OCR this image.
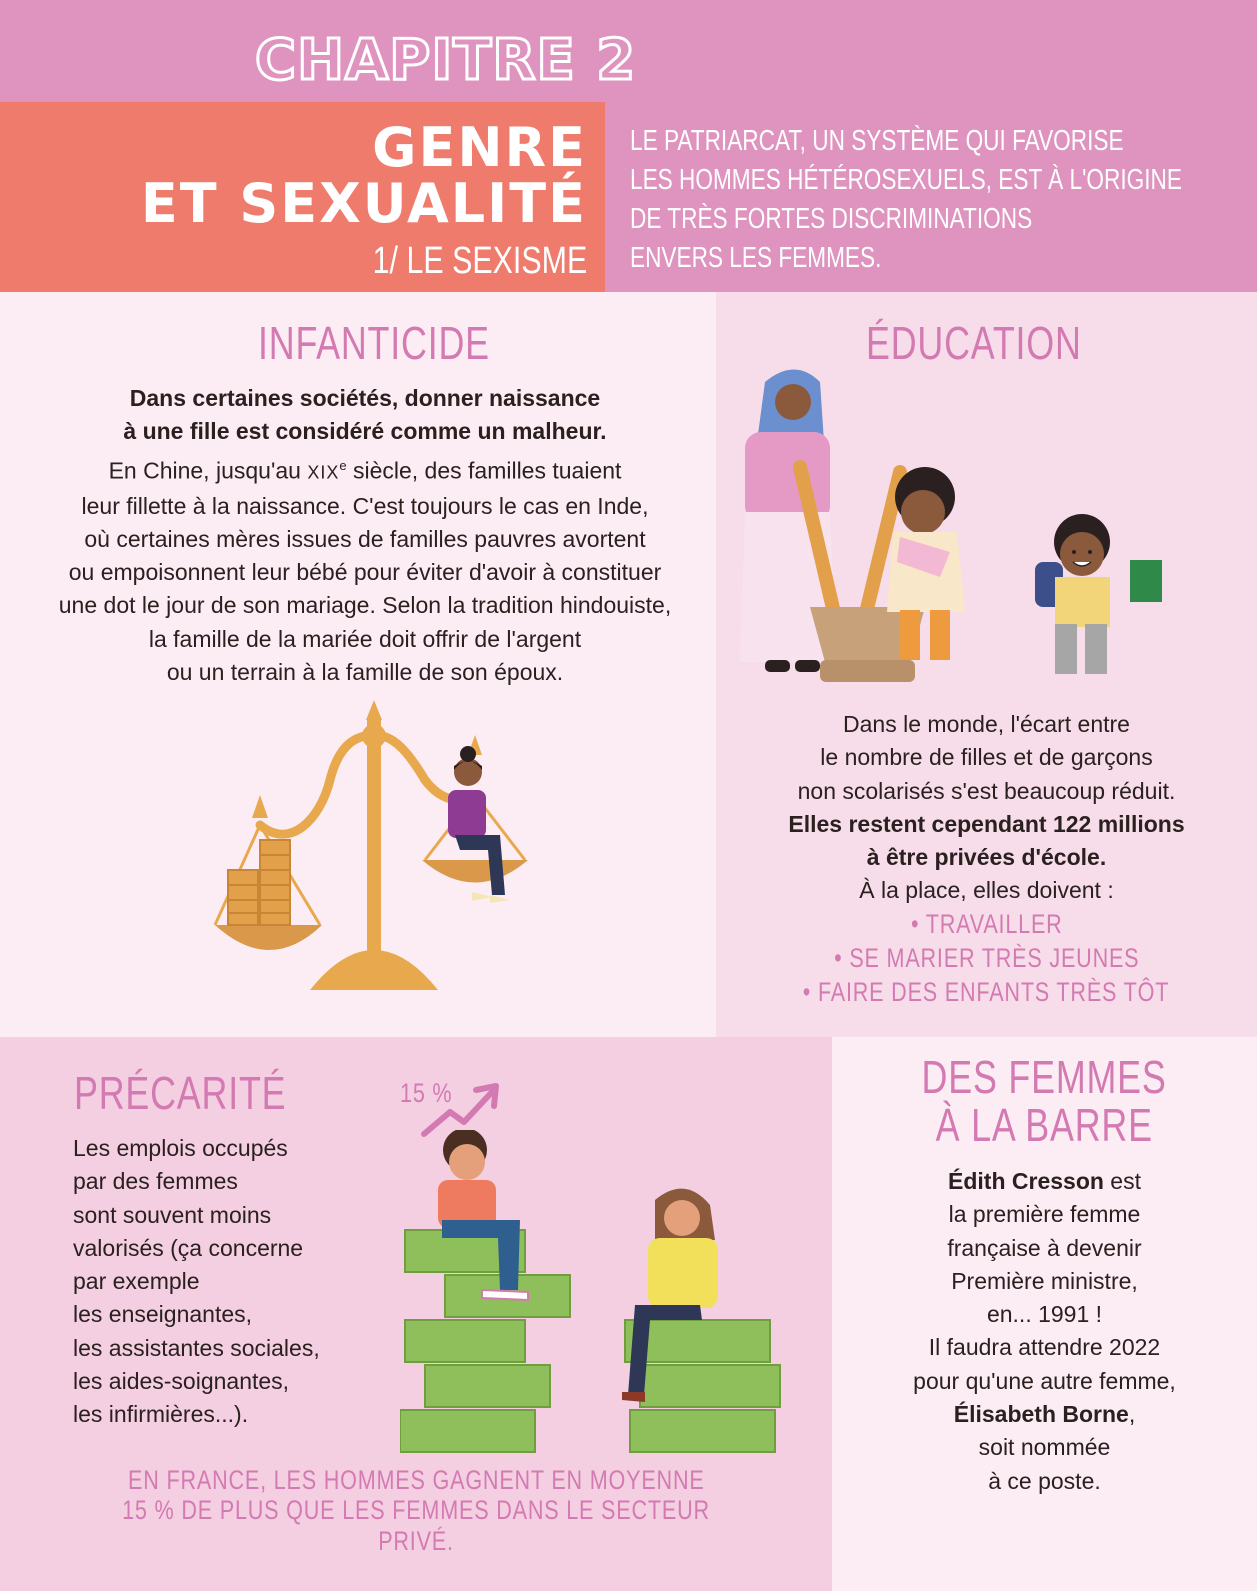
CHAPITRE 2
GENRE
ET SEXUALITÉ
1/ LE SEXISME
LE PATRIARCAT, UN SYSTÈME QUI FAVORISE
LES HOMMES HÉTÉROSEXUELS, EST À L'ORIGINE
DE TRÈS FORTES DISCRIMINATIONS
ENVERS LES FEMMES.
INFANTICIDE
Dans certaines sociétés, donner naissance
à une fille est considéré comme un malheur.
En Chine, jusqu'au XIXe siècle, des familles tuaient
leur fillette à la naissance. C'est toujours le cas en Inde,
où certaines mères issues de familles pauvres avortent
ou empoisonnent leur bébé pour éviter d'avoir à constituer
une dot le jour de son mariage. Selon la tradition hindouiste,
la famille de la mariée doit offrir de l'argent
ou un terrain à la famille de son époux.
ÉDUCATION
Dans le monde, l'écart entre
le nombre de filles et de garçons
non scolarisés s'est beaucoup réduit.
Elles restent cependant 122 millions
à être privées d'école.
À la place, elles doivent :
• TRAVAILLER
• SE MARIER TRÈS JEUNES
• FAIRE DES ENFANTS TRÈS TÔT
PRÉCARITÉ
Les emplois occupés
par des femmes
sont souvent moins
valorisés (ça concerne
par exemple
les enseignantes,
les assistantes sociales,
les aides-soignantes,
les infirmières...).
15 %
EN FRANCE, LES HOMMES GAGNENT EN MOYENNE
15 % DE PLUS QUE LES FEMMES DANS LE SECTEUR PRIVÉ.
DES FEMMES
À LA BARRE
Édith Cresson est
la première femme
française à devenir
Première ministre,
en... 1991 !
Il faudra attendre 2022
pour qu'une autre femme,
Élisabeth Borne,
soit nommée
à ce poste.
